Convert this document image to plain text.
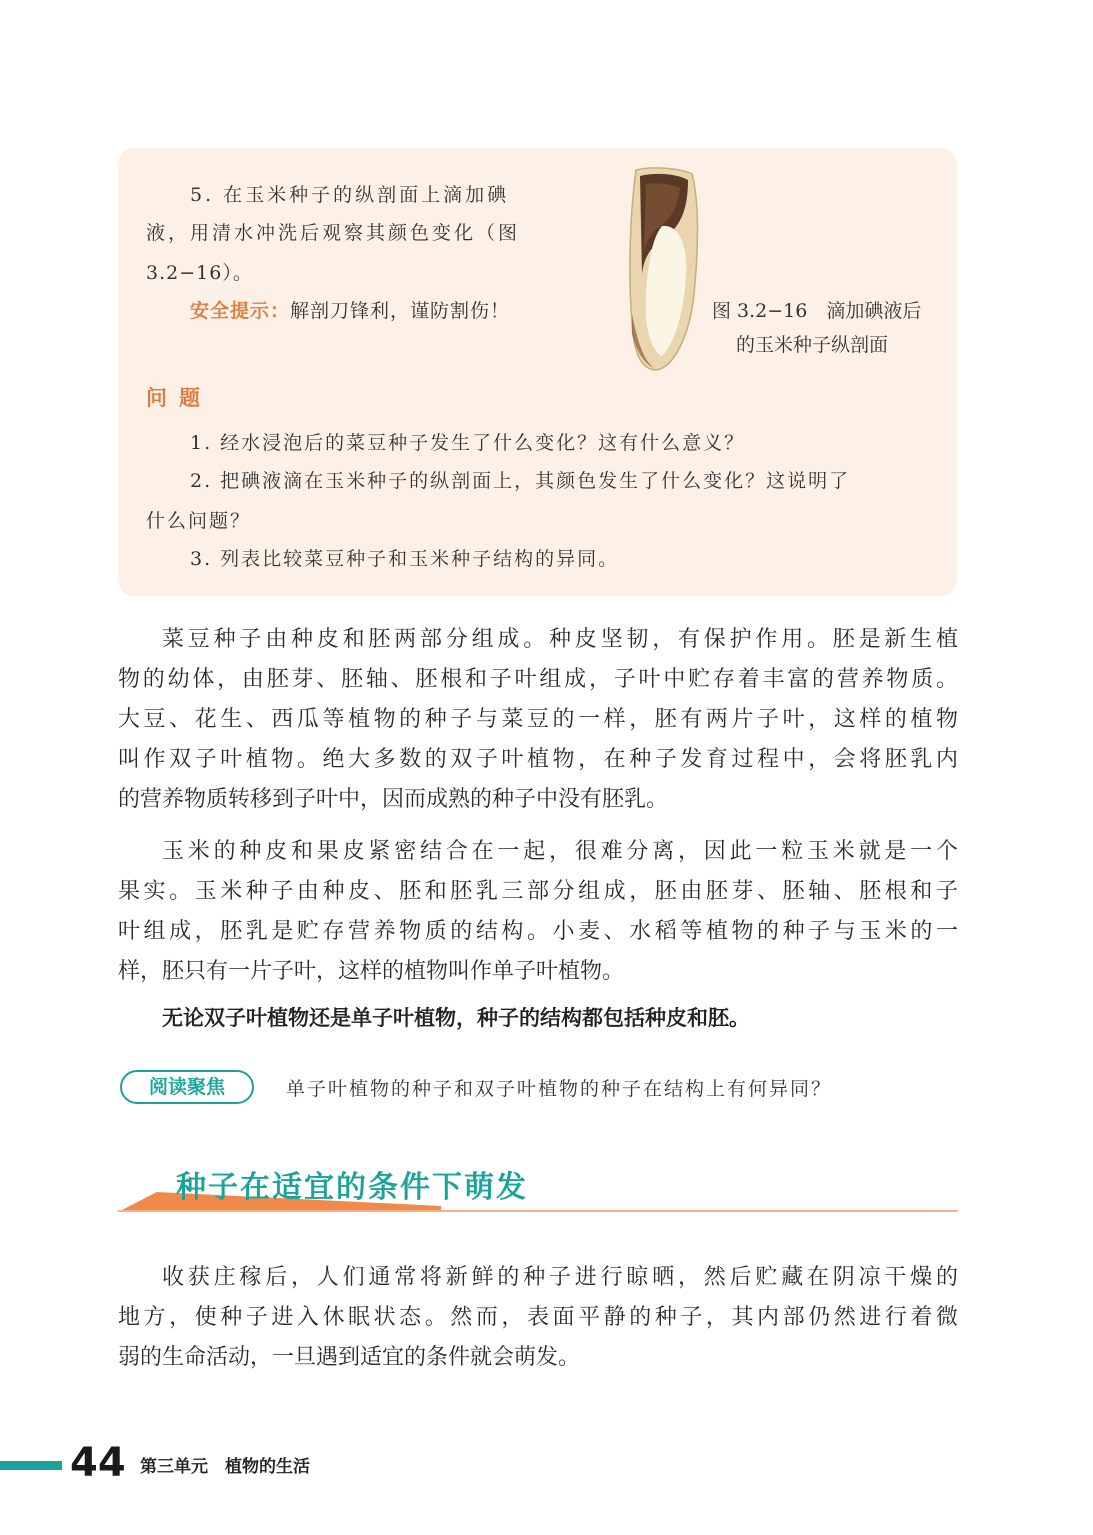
5. 在玉米种子的纵剖面上滴加碘
液，用清水冲洗后观察其颜色变化（图
3.2−16）。
安全提示：解剖刀锋利，谨防割伤！	图 3.2−16　滴加碘液后
的玉米种子纵剖面
问题
1. 经水浸泡后的菜豆种子发生了什么变化？这有什么意义？
2. 把碘液滴在玉米种子的纵剖面上，其颜色发生了什么变化？这说明了
什么问题？
3. 列表比较菜豆种子和玉米种子结构的异同。
菜豆种子由种皮和胚两部分组成。种皮坚韧，有保护作用。胚是新生植
物的幼体，由胚芽、胚轴、胚根和子叶组成，子叶中贮存着丰富的营养物质。
大豆、花生、西瓜等植物的种子与菜豆的一样，胚有两片子叶，这样的植物
叫作双子叶植物。绝大多数的双子叶植物，在种子发育过程中，会将胚乳内
的营养物质转移到子叶中，因而成熟的种子中没有胚乳。
玉米的种皮和果皮紧密结合在一起，很难分离，因此一粒玉米就是一个
果实。玉米种子由种皮、胚和胚乳三部分组成，胚由胚芽、胚轴、胚根和子
叶组成，胚乳是贮存营养物质的结构。小麦、水稻等植物的种子与玉米的一
样，胚只有一片子叶，这样的植物叫作单子叶植物。
无论双子叶植物还是单子叶植物，种子的结构都包括种皮和胚。
阅读聚焦	单子叶植物的种子和双子叶植物的种子在结构上有何异同？
种子在适宜的条件下萌发
收获庄稼后，人们通常将新鲜的种子进行晾晒，然后贮藏在阴凉干燥的
地方，使种子进入休眠状态。然而，表面平静的种子，其内部仍然进行着微
弱的生命活动，一旦遇到适宜的条件就会萌发。
44 第三单元　植物的生活
